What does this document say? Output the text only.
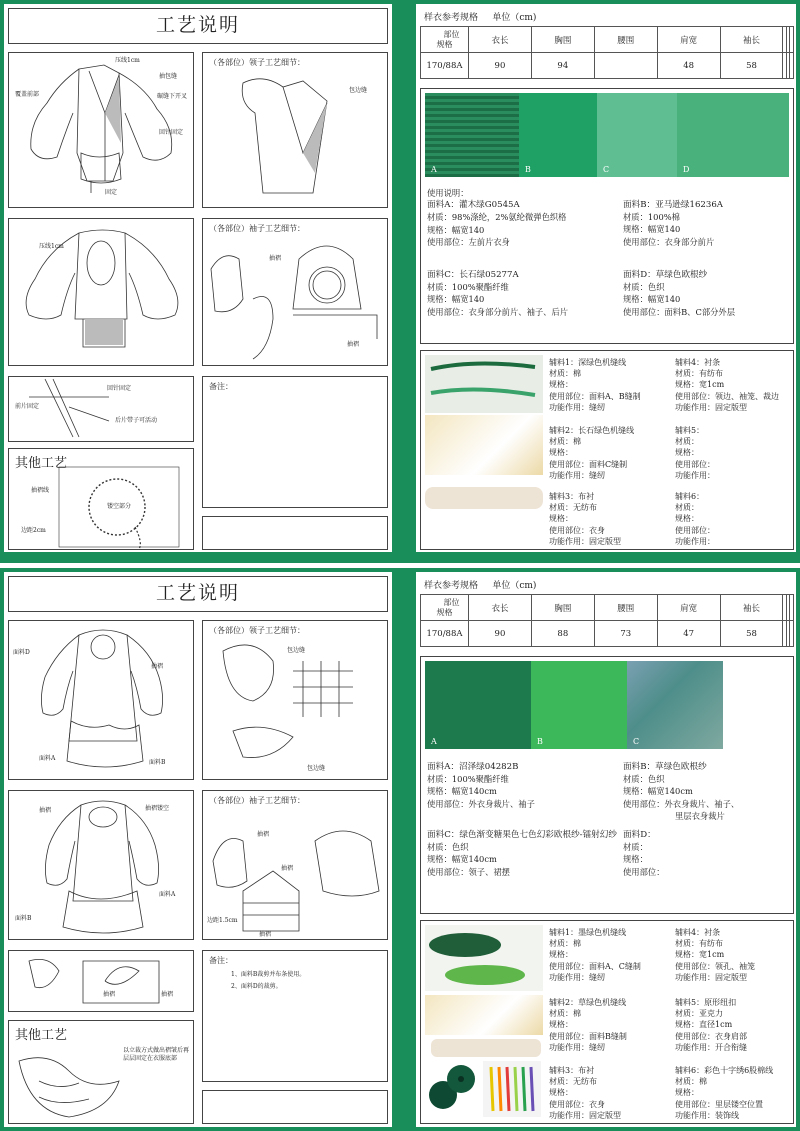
工艺说明
压线1cm
抽包缝
覆盖前部	碾缝下开叉
回针固定
固定
（各部位）领子工艺细节：
包边缝
压线1cm
（各部位）袖子工艺细节：
抽褶
抽褶
回针固定
前片固定
后片带子可活动
备注：
其他工艺
抽褶线
镂空部分
边距2cm
样衣参考规格 单位（cm)
部位
规格	衣长	胸围	腰围	肩宽	袖长			
170/88A	90	94		48	58			
A	B	C	D
使用说明：
面料A：灌木绿G0545A
材质：98%涤纶，2%氨纶微弹色织格
规格：幅宽140
使用部位：左前片衣身
面料B：亚马逊绿16236A
材质：100%棉
规格：幅宽140
使用部位：衣身部分前片
面料C：长石绿05277A
材质：100%聚酯纤维
规格：幅宽140
使用部位：衣身部分前片、袖子、后片
面料D：草绿色欧根纱
材质：色织
规格：幅宽140
使用部位：面料B、C部分外层
辅料1：深绿色机缝线
材质：棉
规格：
使用部位：面料A、B缝制
功能作用：缝纫
辅料2：长石绿色机缝线
材质：棉
规格：
使用部位：面料C缝制
功能作用：缝纫
辅料3：布衬
材质：无纺布
规格：
使用部位：衣身
功能作用：固定版型
辅料4：衬条
材质：有纺布
规格：宽1cm
使用部位：领边、袖笼、裁边
功能作用：固定版型
辅料5：
材质：
规格：
使用部位：
功能作用：
辅料6：
材质：
规格：
使用部位：
功能作用：
工艺说明
面料D
面料A
面料B
抽褶
（各部位）领子工艺细节：
包边缝
包边缝
抽褶	抽褶镂空
面料A
面料B
（各部位）袖子工艺细节：
抽褶
抽褶
边距1.5cm
抽褶
抽褶	抽褶
备注：
1、面料B裁剪并布条使用。
2、面料D的裁剪。
其他工艺
以立裁方式做出褶皱后再层层固定在衣服底部
样衣参考规格 单位（cm)
部位
规格	衣长	胸围	腰围	肩宽	袖长			
170/88A	90	88	73	47	58			
A	B	C
面料A：沼泽绿04282B
材质：100%聚酯纤维
规格：幅宽140cm
使用部位：外衣身裁片、袖子
面料B：草绿色欧根纱
材质：色织
规格：幅宽140cm
使用部位：外衣身裁片、袖子、
里层衣身裁片
面料C：绿色渐变糖果色七色幻彩欧根纱-镭射幻纱
材质：色织
规格：幅宽140cm
使用部位：领子、裙摆
面料D：
材质：
规格：
使用部位：
辅料1：墨绿色机缝线
材质：棉
规格：
使用部位：面料A、C缝制
功能作用：缝纫
辅料2：草绿色机缝线
材质：棉
规格：
使用部位：面料B缝制
功能作用：缝纫
辅料3：布衬
材质：无纺布
规格：
使用部位：衣身
功能作用：固定版型
辅料4：衬条
材质：有纺布
规格：宽1cm
使用部位：领孔、袖笼
功能作用：固定版型
辅料5：原形纽扣
材质：亚克力
规格：直径1cm
使用部位：衣身肩部
功能作用：开合衔缝
辅料6：彩色十字绣6股棉线
材质：棉
规格：
使用部位：里层镂空位置
功能作用：装饰线
